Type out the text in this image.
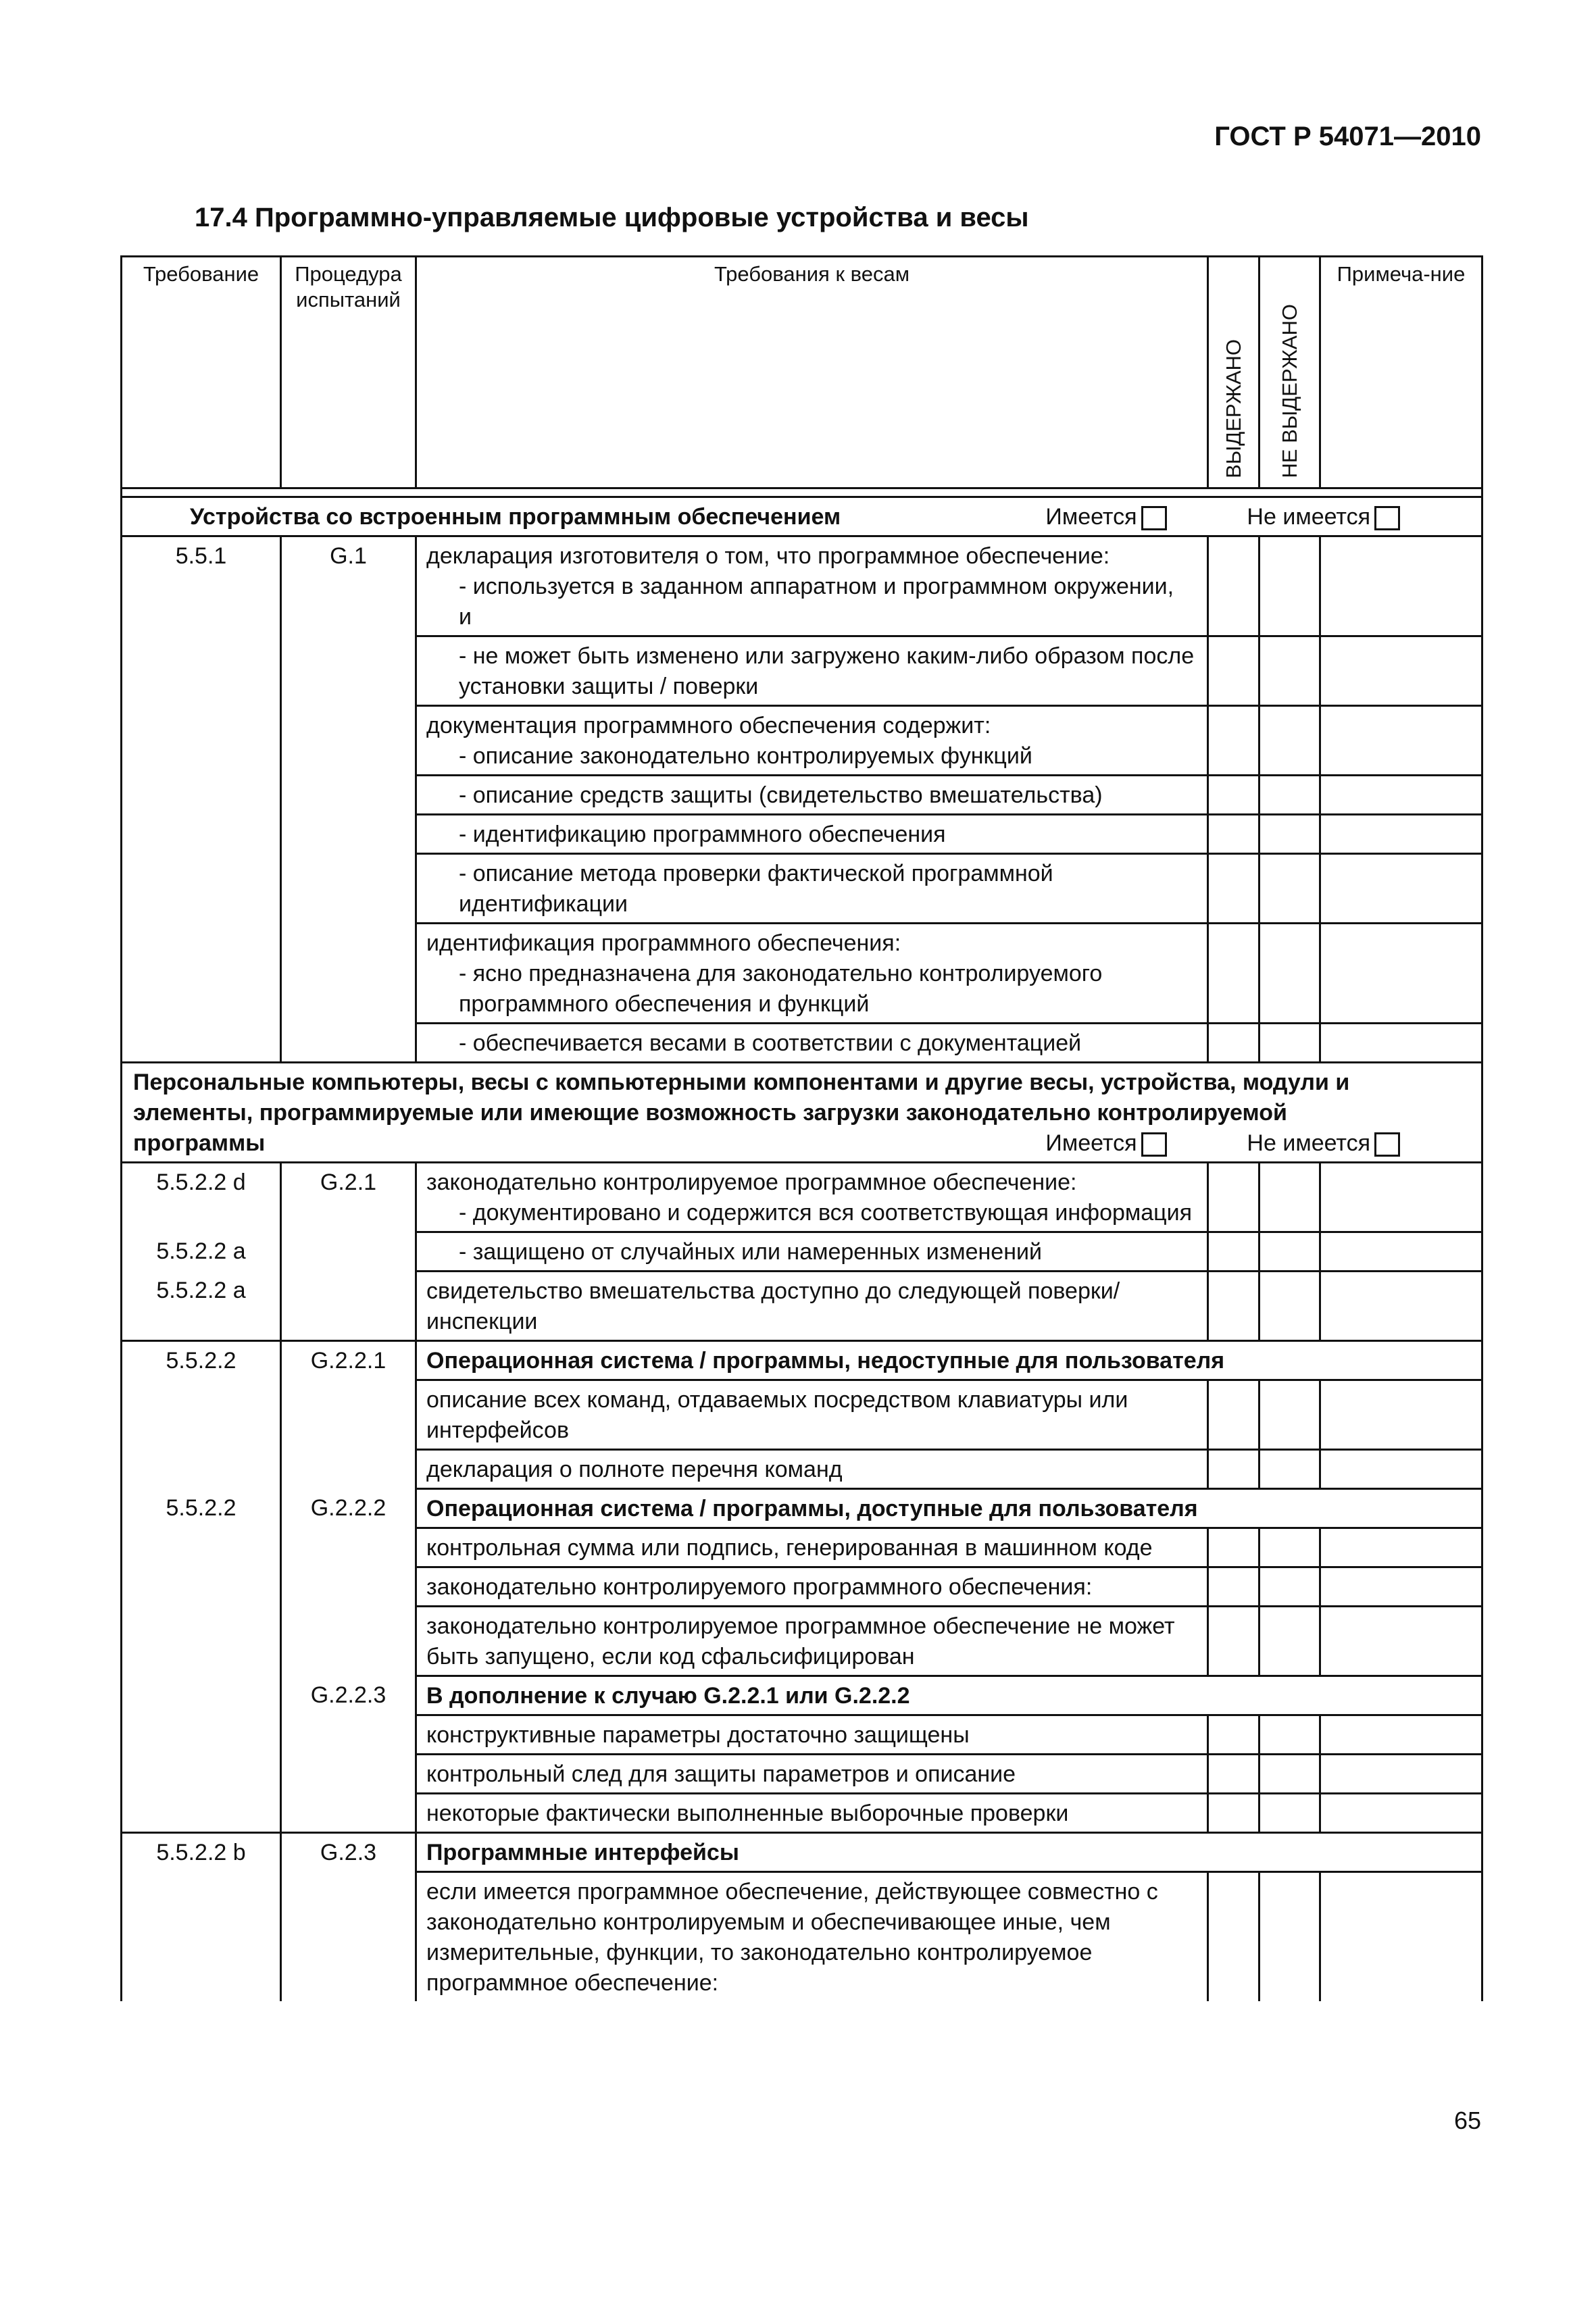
ГОСТ Р 54071—2010
17.4 Программно-управляемые цифровые устройства и весы
Требование	Процедура испытаний	Требования к весам	ВЫДЕРЖАНО	НЕ ВЫДЕРЖАНО	Примеча-ние

Устройства со встроенным программным обеспечением Имеется Не имеется					

5.5.1	G.1	декларация изготовителя о том, что программное обеспечение:
- используется в заданном аппаратном и программном окружении,
и			

		- не может быть изменено или загружено каким-либо образом после установки защиты / поверки			

		документация программного обеспечения содержит:
- описание законодательно контролируемых функций			

		- описание средств защиты (свидетельство вмешательства)			

		- идентификацию программного обеспечения			

		- описание метода проверки фактической программной идентификации			

		идентификация программного обеспечения:
- ясно предназначена для законодательно контролируемого программного обеспечения и функций			

		- обеспечивается весами в соответствии с документацией			

Персональные компьютеры, весы с компьютерными компонентами и другие весы, устройства, модули и элементы, программируемые или имеющие возможность загрузки законодательно контролируемой программы Имеется Не имеется					

5.5.2.2 d	G.2.1	законодательно контролируемое программное обеспечение:
- документировано и содержится вся соответствующая информация			

5.5.2.2 a		- защищено от случайных или намеренных изменений			

5.5.2.2 a		свидетельство вмешательства доступно до следующей поверки/инспекции			
5.5.2.2	G.2.2.1	Операционная система / программы, недоступные для пользователя			
		описание всех команд, отдаваемых посредством клавиатуры или интерфейсов			
		декларация о полноте перечня команд			
5.5.2.2	G.2.2.2	Операционная система / программы, доступные для пользователя			
		контрольная сумма или подпись, генерированная в машинном коде			
		законодательно контролируемого программного обеспечения:			
		законодательно контролируемое программное обеспечение не может быть запущено, если код сфальсифицирован			
	G.2.2.3	В дополнение к случаю G.2.2.1 или G.2.2.2			
		конструктивные параметры достаточно защищены			
		контрольный след для защиты параметров и описание			
		некоторые фактически выполненные выборочные проверки			
5.5.2.2 b	G.2.3	Программные интерфейсы			
		если имеется программное обеспечение, действующее совместно с законодательно контролируемым и обеспечивающее иные, чем измерительные, функции, то законодательно контролируемое программное обеспечение:			
65
